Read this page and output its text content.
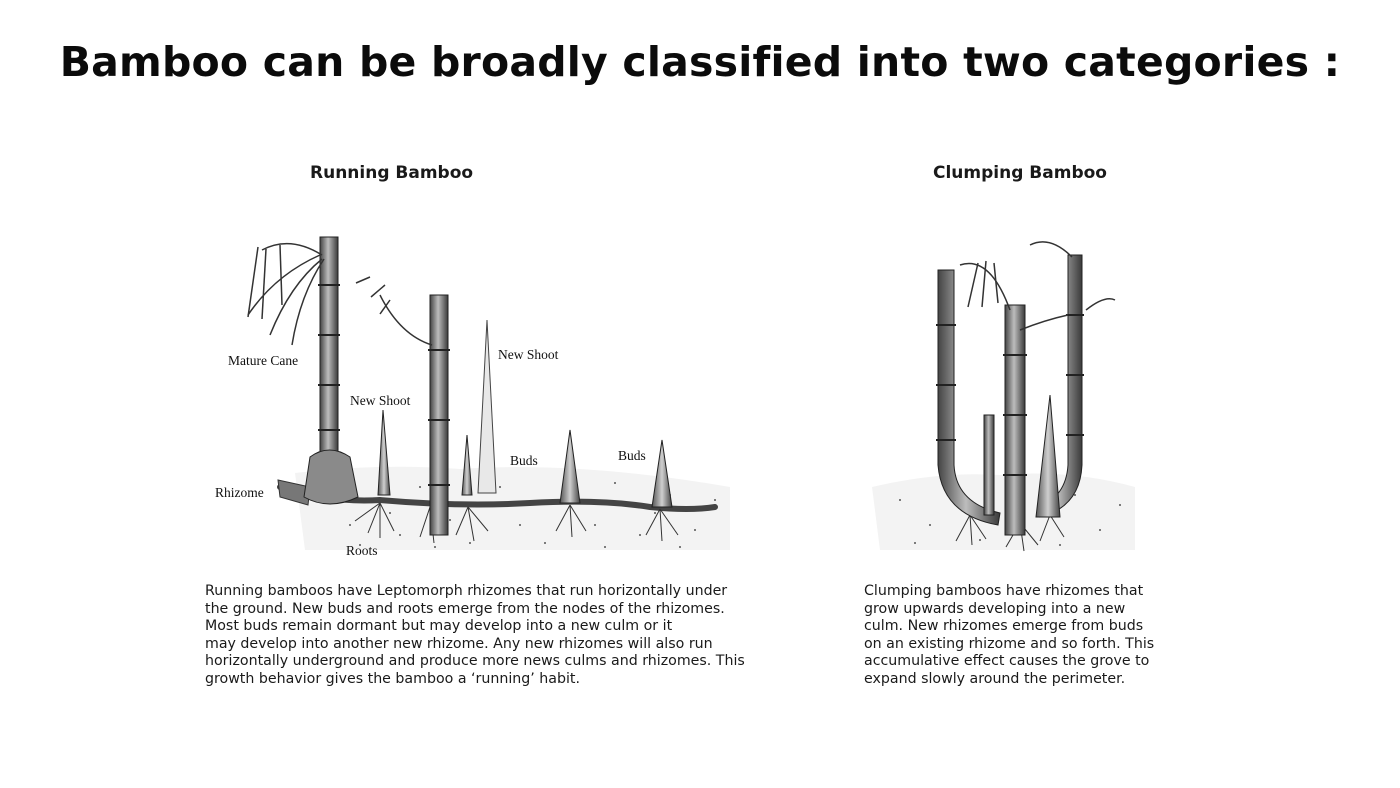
Bamboo can be broadly classified into two categories :
Running Bamboo	Clumping Bamboo
Mature Cane
New Shoot
New Shoot
Buds	Buds
Rhizome
Roots
Running bamboos have Leptomorph rhizomes that run horizontally under
the ground. New buds and roots emerge from the nodes of the rhizomes.
Most buds remain dormant but may develop into a new culm or it
may develop into another new rhizome. Any new rhizomes will also run
horizontally underground and produce more news culms and rhizomes. This
growth behavior gives the bamboo a ‘running’ habit.
Clumping bamboos have rhizomes that
grow upwards developing into a new
culm. New rhizomes emerge from buds
on an existing rhizome and so forth. This
accumulative effect causes the grove to
expand slowly around the perimeter.
